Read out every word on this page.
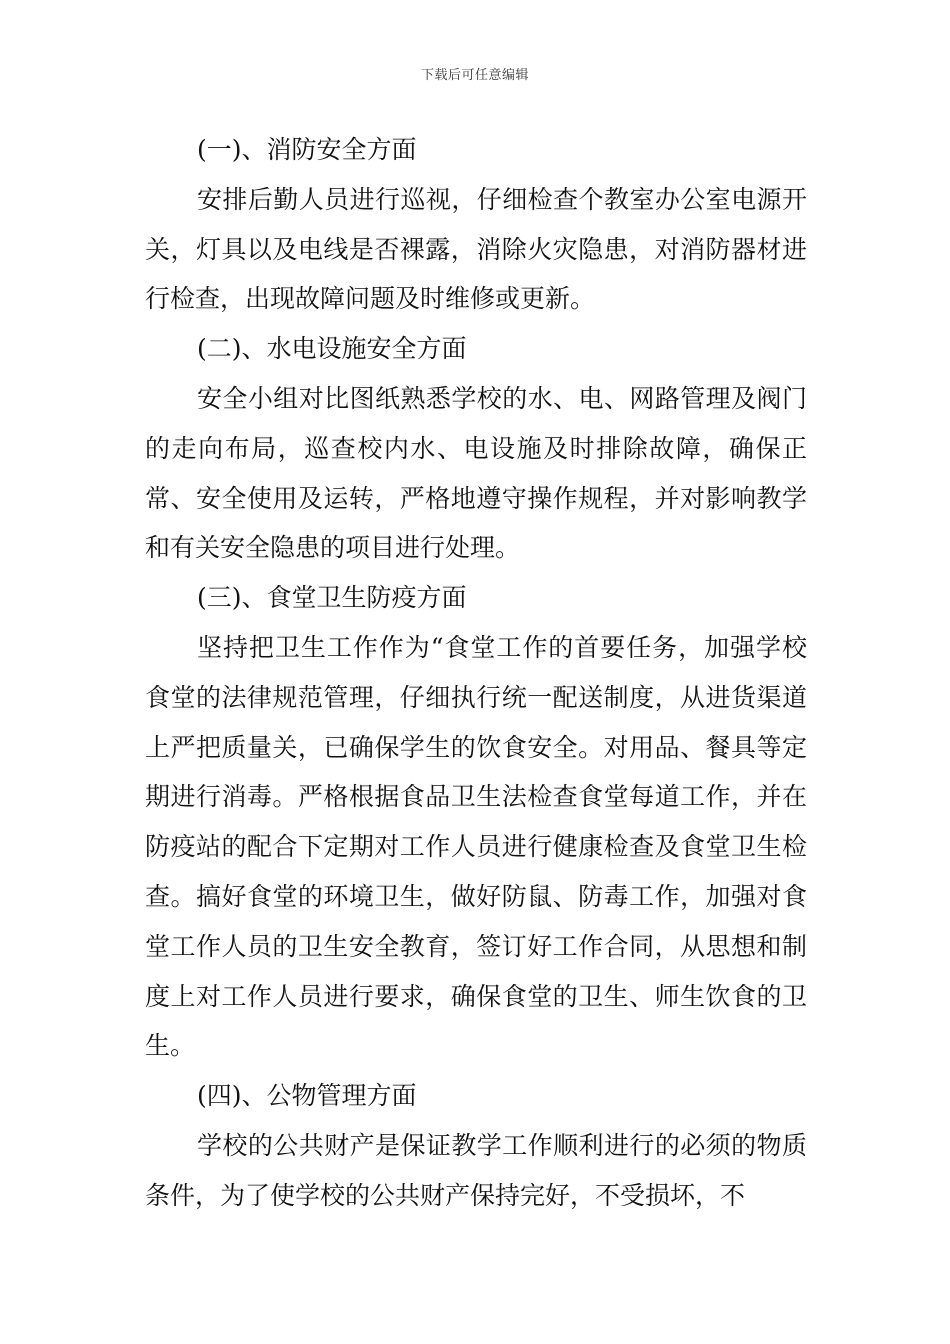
下载后可任意编辑

(一)、消防安全方面

安排后勤人员进行巡视，仔细检查个教室办公室电源开关，灯具以及电线是否裸露，消除火灾隐患，对消防器材进行检查，出现故障问题及时维修或更新。

(二)、水电设施安全方面

安全小组对比图纸熟悉学校的水、电、网路管理及阀门的走向布局，巡查校内水、电设施及时排除故障，确保正常、安全使用及运转，严格地遵守操作规程，并对影响教学和有关安全隐患的项目进行处理。

(三)、食堂卫生防疫方面

坚持把卫生工作作为“食堂工作的首要任务，加强学校食堂的法律规范管理，仔细执行统一配送制度，从进货渠道上严把质量关，已确保学生的饮食安全。对用品、餐具等定期进行消毒。严格根据食品卫生法检查食堂每道工作，并在防疫站的配合下定期对工作人员进行健康检查及食堂卫生检查。搞好食堂的环境卫生，做好防鼠、防毒工作，加强对食堂工作人员的卫生安全教育，签订好工作合同，从思想和制度上对工作人员进行要求，确保食堂的卫生、师生饮食的卫生。

(四)、公物管理方面

学校的公共财产是保证教学工作顺利进行的必须的物质条件，为了使学校的公共财产保持完好，不受损坏，不
